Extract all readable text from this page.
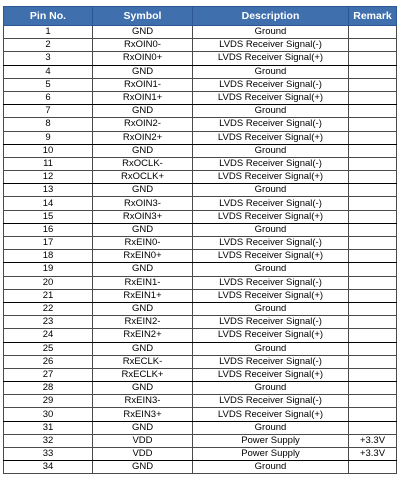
Pin No.	Symbol	Description	Remark
1	GND	Ground	
2	RxOIN0-	LVDS Receiver Signal(-)	
3	RxOIN0+	LVDS Receiver Signal(+)	
4	GND	Ground	
5	RxOIN1-	LVDS Receiver Signal(-)	
6	RxOIN1+	LVDS Receiver Signal(+)	
7	GND	Ground	
8	RxOIN2-	LVDS Receiver Signal(-)	
9	RxOIN2+	LVDS Receiver Signal(+)	
10	GND	Ground	
11	RxOCLK-	LVDS Receiver Signal(-)	
12	RxOCLK+	LVDS Receiver Signal(+)	
13	GND	Ground	
14	RxOIN3-	LVDS Receiver Signal(-)	
15	RxOIN3+	LVDS Receiver Signal(+)	
16	GND	Ground	
17	RxEIN0-	LVDS Receiver Signal(-)	
18	RxEIN0+	LVDS Receiver Signal(+)	
19	GND	Ground	
20	RxEIN1-	LVDS Receiver Signal(-)	
21	RxEIN1+	LVDS Receiver Signal(+)	
22	GND	Ground	
23	RxEIN2-	LVDS Receiver Signal(-)	
24	RxEIN2+	LVDS Receiver Signal(+)	
25	GND	Ground	
26	RxECLK-	LVDS Receiver Signal(-)	
27	RxECLK+	LVDS Receiver Signal(+)	
28	GND	Ground	
29	RxEIN3-	LVDS Receiver Signal(-)	
30	RxEIN3+	LVDS Receiver Signal(+)	
31	GND	Ground	
32	VDD	Power Supply	+3.3V
33	VDD	Power Supply	+3.3V
34	GND	Ground	
